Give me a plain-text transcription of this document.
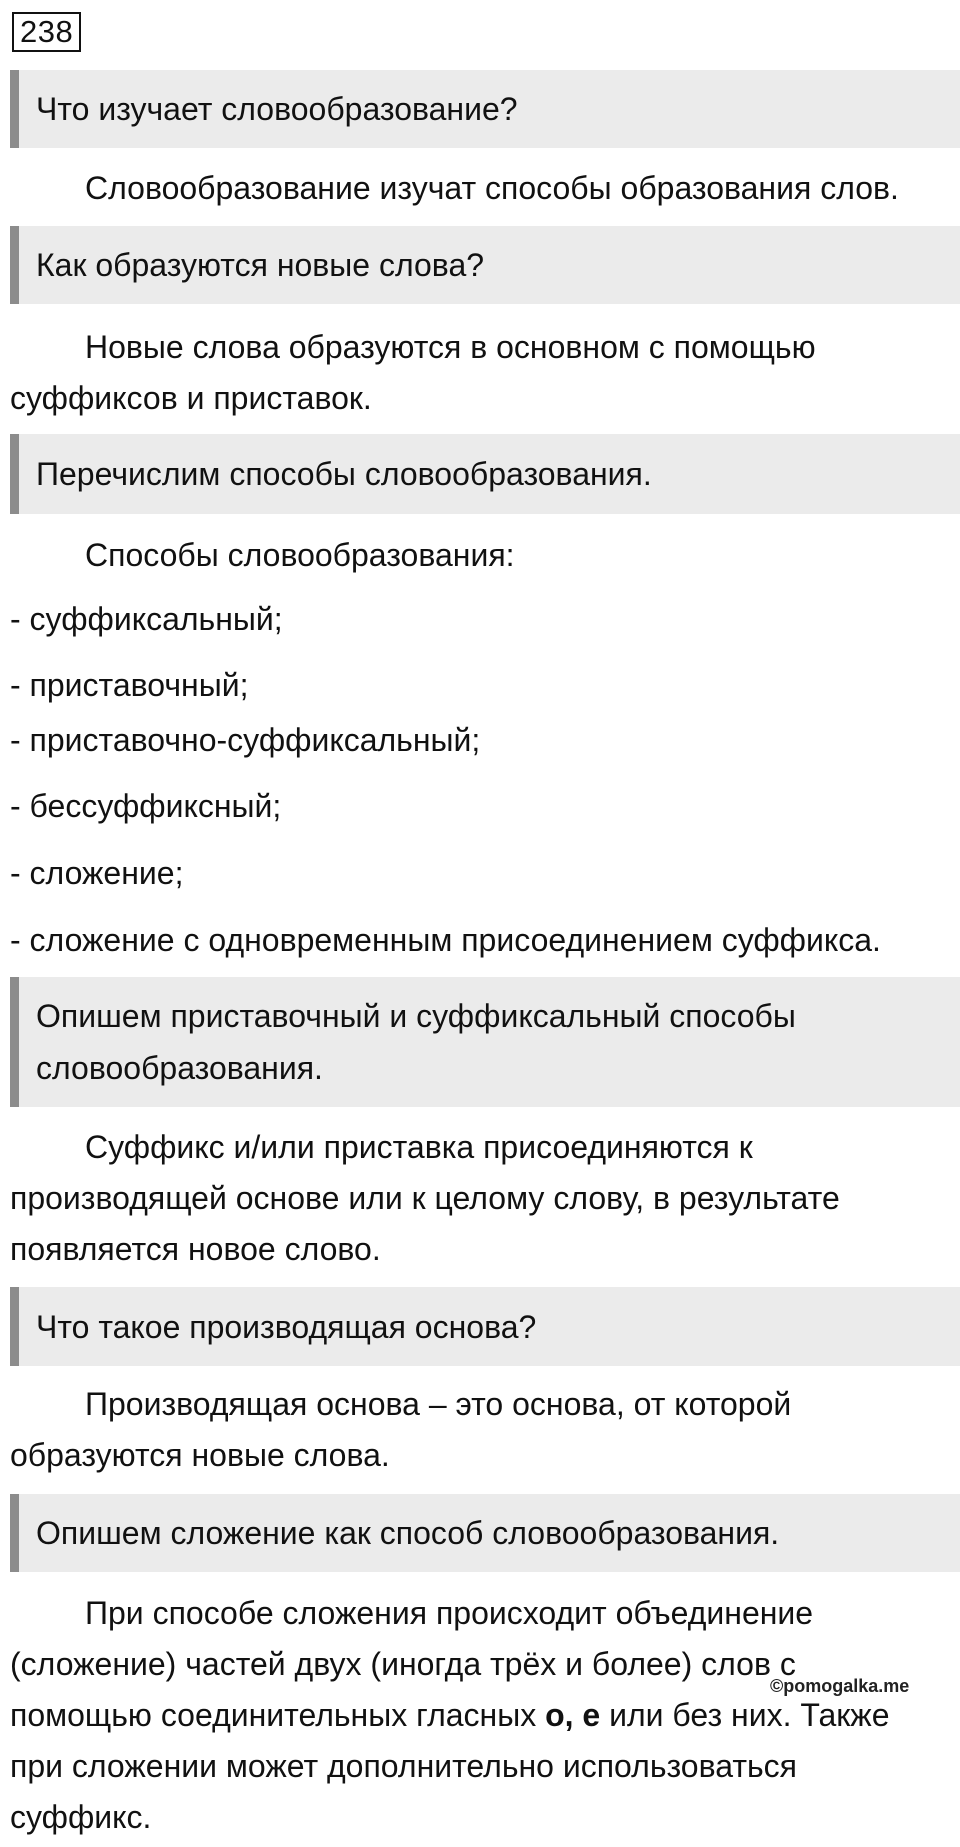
238
Что изучает словообразование?
Словообразование изучат способы образования слов.
Как образуются новые слова?
Новые слова образуются в основном с помощью
суффиксов и приставок.
Перечислим способы словообразования.
Способы словообразования:
- суффиксальный;
- приставочный;
- приставочно-суффиксальный;
- бессуффиксный;
- сложение;
- сложение с одновременным присоединением суффикса.
Опишем приставочный и суффиксальный способы
словообразования.
Суффикс и/или приставка присоединяются к
производящей основе или к целому слову, в результате
появляется новое слово.
Что такое производящая основа?
Производящая основа – это основа, от которой
образуются новые слова.
Опишем сложение как способ словообразования.
При способе сложения происходит объединение
(сложение) частей двух (иногда трёх и более) слов с
помощью соединительных гласных о, е или без них. Также
при сложении может дополнительно использоваться
суффикс.
©pomogalka.me
